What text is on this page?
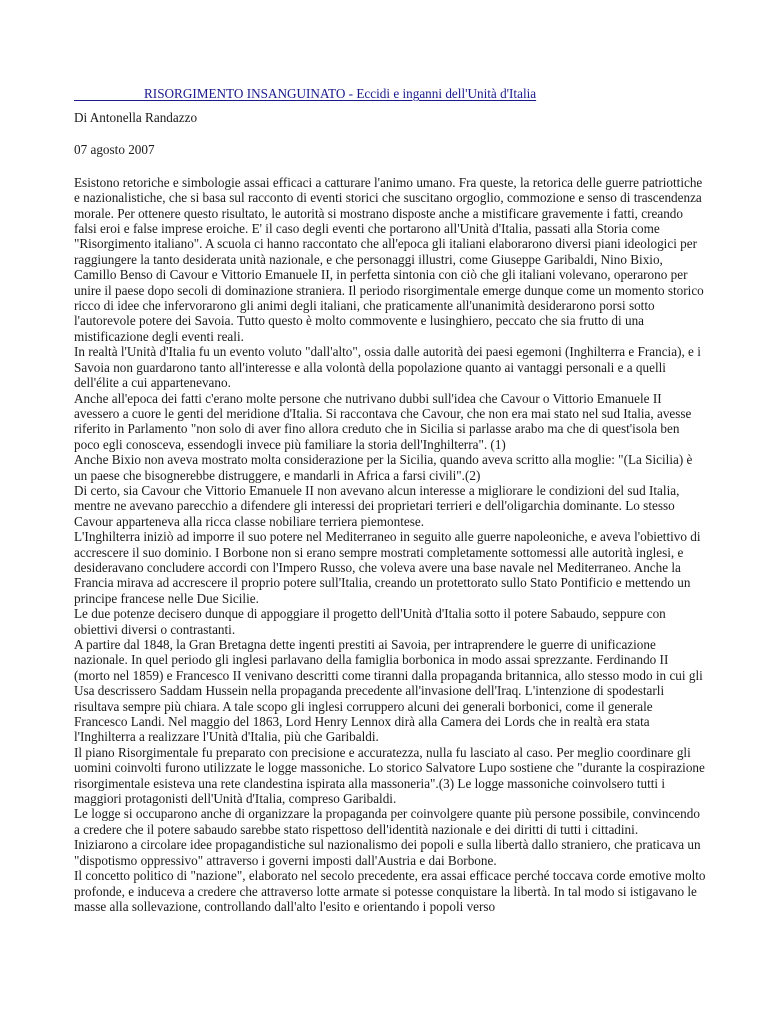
RISORGIMENTO INSANGUINATO - Eccidi e inganni dell'Unità d'Italia

Di Antonella Randazzo

07 agosto 2007

Esistono retoriche e simbologie assai efficaci a catturare l'animo umano. Fra queste, la retorica delle guerre patriottiche e nazionalistiche, che si basa sul racconto di eventi storici che suscitano orgoglio, commozione e senso di trascendenza morale. Per ottenere questo risultato, le autorità si mostrano disposte anche a mistificare gravemente i fatti, creando falsi eroi e false imprese eroiche. E' il caso degli eventi che portarono all'Unità d'Italia, passati alla Storia come "Risorgimento italiano". A scuola ci hanno raccontato che all'epoca gli italiani elaborarono diversi piani ideologici per raggiungere la tanto desiderata unità nazionale, e che personaggi illustri, come Giuseppe Garibaldi, Nino Bixio, Camillo Benso di Cavour e Vittorio Emanuele II, in perfetta sintonia con ciò che gli italiani volevano, operarono per unire il paese dopo secoli di dominazione straniera. Il periodo risorgimentale emerge dunque come un momento storico ricco di idee che infervorarono gli animi degli italiani, che praticamente all'unanimità desiderarono porsi sotto l'autorevole potere dei Savoia. Tutto questo è molto commovente e lusinghiero, peccato che sia frutto di una mistificazione degli eventi reali.

In realtà l'Unità d'Italia fu un evento voluto "dall'alto", ossia dalle autorità dei paesi egemoni (Inghilterra e Francia), e i Savoia non guardarono tanto all'interesse e alla volontà della popolazione quanto ai vantaggi personali e a quelli dell'élite a cui appartenevano.

Anche all'epoca dei fatti c'erano molte persone che nutrivano dubbi sull'idea che Cavour o Vittorio Emanuele II avessero a cuore le genti del meridione d'Italia. Si raccontava che Cavour, che non era mai stato nel sud Italia, avesse riferito in Parlamento "non solo di aver fino allora creduto che in Sicilia si parlasse arabo ma che di quest'isola ben poco egli conosceva, essendogli invece più familiare la storia dell'Inghilterra". (1)

Anche Bixio non aveva mostrato molta considerazione per la Sicilia, quando aveva scritto alla moglie: "(La Sicilia) è un paese che bisognerebbe distruggere, e mandarli in Africa a farsi civili".(2)

Di certo, sia Cavour che Vittorio Emanuele II non avevano alcun interesse a migliorare le condizioni del sud Italia, mentre ne avevano parecchio a difendere gli interessi dei proprietari terrieri e dell'oligarchia dominante. Lo stesso Cavour apparteneva alla ricca classe nobiliare terriera piemontese.

L'Inghilterra iniziò ad imporre il suo potere nel Mediterraneo in seguito alle guerre napoleoniche, e aveva l'obiettivo di accrescere il suo dominio. I Borbone non si erano sempre mostrati completamente sottomessi alle autorità inglesi, e desideravano concludere accordi con l'Impero Russo, che voleva avere una base navale nel Mediterraneo. Anche la Francia mirava ad accrescere il proprio potere sull'Italia, creando un protettorato sullo Stato Pontificio e mettendo un principe francese nelle Due Sicilie.

Le due potenze decisero dunque di appoggiare il progetto dell'Unità d'Italia sotto il potere Sabaudo, seppure con obiettivi diversi o contrastanti.

A partire dal 1848, la Gran Bretagna dette ingenti prestiti ai Savoia, per intraprendere le guerre di unificazione nazionale. In quel periodo gli inglesi parlavano della famiglia borbonica in modo assai sprezzante. Ferdinando II (morto nel 1859) e Francesco II venivano descritti come tiranni dalla propaganda britannica, allo stesso modo in cui gli Usa descrissero Saddam Hussein nella propaganda precedente all'invasione dell'Iraq. L'intenzione di spodestarli risultava sempre più chiara. A tale scopo gli inglesi corruppero alcuni dei generali borbonici, come il generale Francesco Landi. Nel maggio del 1863, Lord Henry Lennox dirà alla Camera dei Lords che in realtà era stata l'Inghilterra a realizzare l'Unità d'Italia, più che Garibaldi.

Il piano Risorgimentale fu preparato con precisione e accuratezza, nulla fu lasciato al caso. Per meglio coordinare gli uomini coinvolti furono utilizzate le logge massoniche. Lo storico Salvatore Lupo sostiene che "durante la cospirazione risorgimentale esisteva una rete clandestina ispirata alla massoneria".(3) Le logge massoniche coinvolsero tutti i maggiori protagonisti dell'Unità d'Italia, compreso Garibaldi.

Le logge si occuparono anche di organizzare la propaganda per coinvolgere quante più persone possibile, convincendo a credere che il potere sabaudo sarebbe stato rispettoso dell'identità nazionale e dei diritti di tutti i cittadini.

Iniziarono a circolare idee propagandistiche sul nazionalismo dei popoli e sulla libertà dallo straniero, che praticava un "dispotismo oppressivo" attraverso i governi imposti dall'Austria e dai Borbone.

Il concetto politico di "nazione", elaborato nel secolo precedente, era assai efficace perché toccava corde emotive molto profonde, e induceva a credere che attraverso lotte armate si potesse conquistare la libertà. In tal modo si istigavano le masse alla sollevazione, controllando dall'alto l'esito e orientando i popoli verso
